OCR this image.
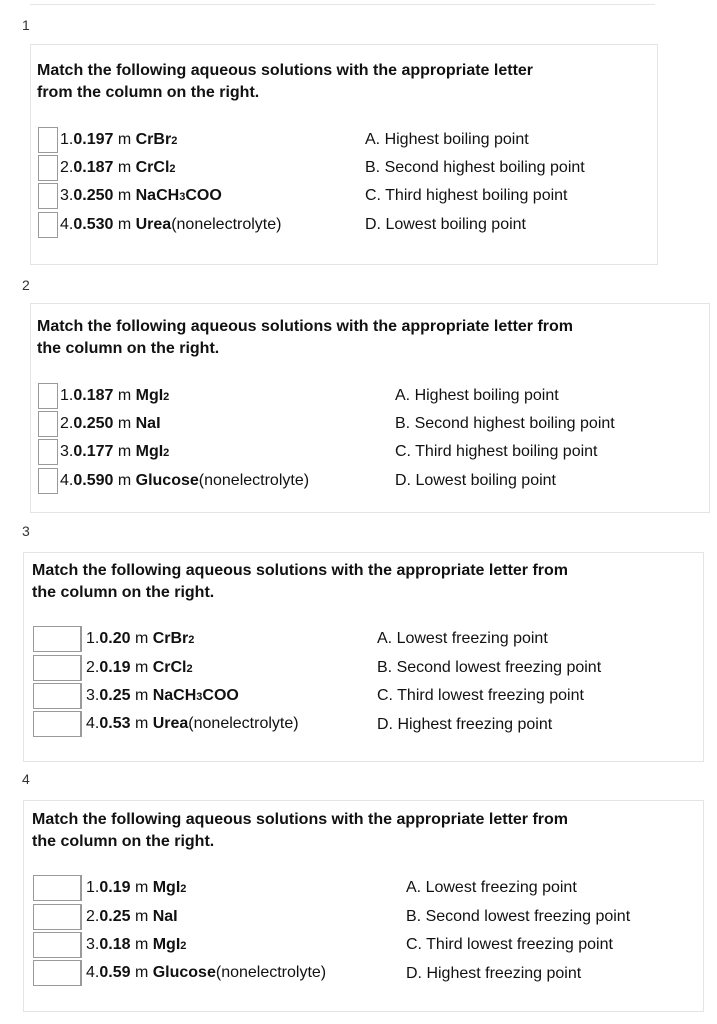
1
Match the following aqueous solutions with the appropriate letter
from the column on the right.
1. 0.197
m
CrBr 2
2. 0.187
m
CrCl 2
3. 0.250
m
NaCH 3 COO
4. 0.530
m
Urea (nonelectrolyte)
A. Highest boiling point
B. Second highest boiling point
C. Third highest boiling point
D. Lowest boiling point
2
Match the following aqueous solutions with the appropriate letter from
the column on the right.
1. 0.187
m
MgI 2
2. 0.250
m
NaI
3. 0.177
m
MgI 2
4. 0.590
m
Glucose (nonelectrolyte)
A. Highest boiling point
B. Second highest boiling point
C. Third highest boiling point
D. Lowest boiling point
3
Match the following aqueous solutions with the appropriate letter from
the column on the right.
1. 0.20
m
CrBr 2
2. 0.19
m
CrCl 2
3. 0.25
m
NaCH 3 COO
4. 0.53
m
Urea (nonelectrolyte)
A. Lowest freezing point
B. Second lowest freezing point
C. Third lowest freezing point
D. Highest freezing point
4
Match the following aqueous solutions with the appropriate letter from
the column on the right.
1. 0.19
m
MgI 2
2. 0.25
m
NaI
3. 0.18
m
MgI 2
4. 0.59
m
Glucose (nonelectrolyte)
A. Lowest freezing point
B. Second lowest freezing point
C. Third lowest freezing point
D. Highest freezing point
